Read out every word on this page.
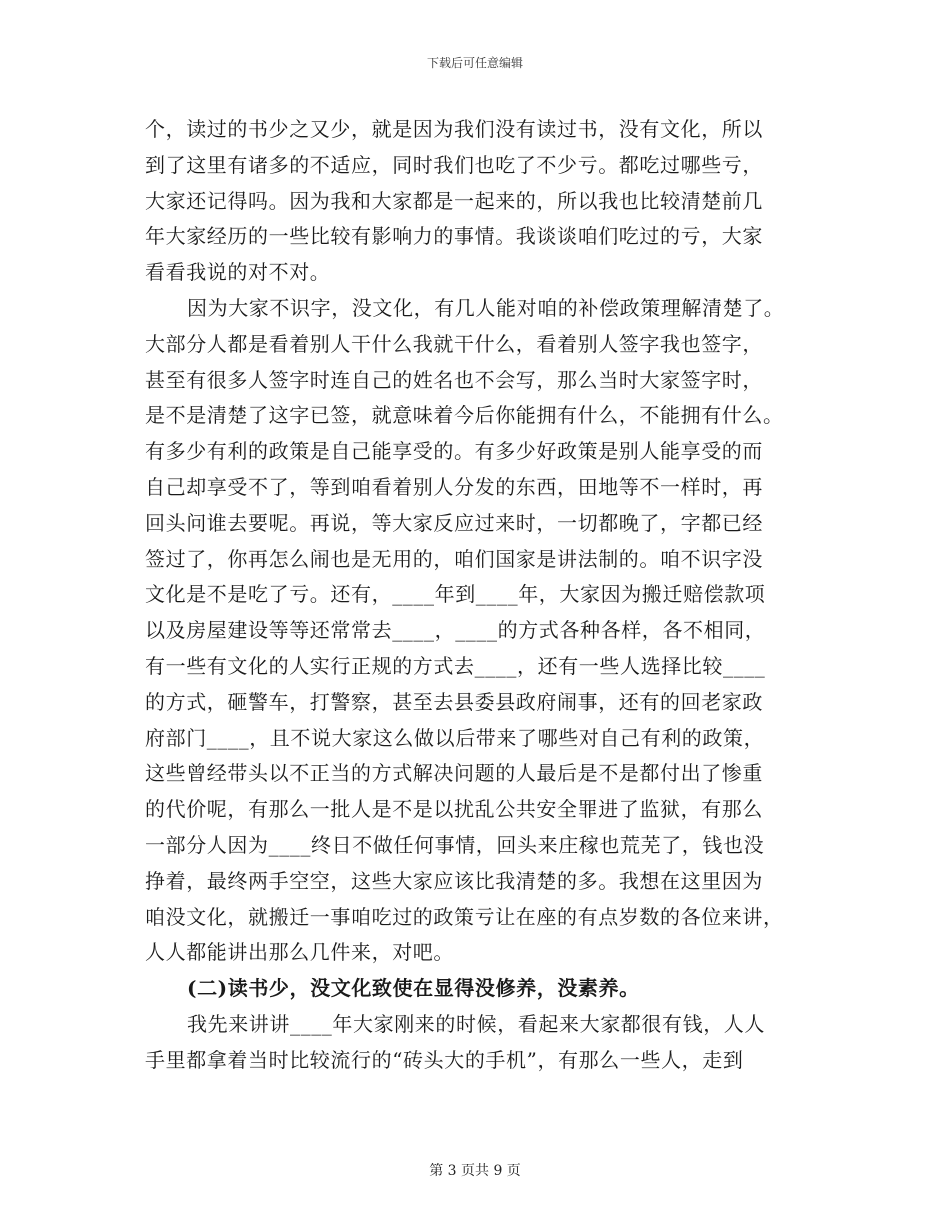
下载后可任意编辑
个，读过的书少之又少，就是因为我们没有读过书，没有文化，所以
到了这里有诸多的不适应，同时我们也吃了不少亏。都吃过哪些亏，
大家还记得吗。因为我和大家都是一起来的，所以我也比较清楚前几
年大家经历的一些比较有影响力的事情。我谈谈咱们吃过的亏，大家
看看我说的对不对。
因为大家不识字，没文化，有几人能对咱的补偿政策理解清楚了。
大部分人都是看着别人干什么我就干什么，看着别人签字我也签字，
甚至有很多人签字时连自己的姓名也不会写，那么当时大家签字时，
是不是清楚了这字已签，就意味着今后你能拥有什么，不能拥有什么。
有多少有利的政策是自己能享受的。有多少好政策是别人能享受的而
自己却享受不了，等到咱看着别人分发的东西，田地等不一样时，再
回头问谁去要呢。再说，等大家反应过来时，一切都晚了，字都已经
签过了，你再怎么闹也是无用的，咱们国家是讲法制的。咱不识字没
文化是不是吃了亏。还有，____年到____年，大家因为搬迁赔偿款项
以及房屋建设等等还常常去____，____的方式各种各样，各不相同，
有一些有文化的人实行正规的方式去____，还有一些人选择比较____
的方式，砸警车，打警察，甚至去县委县政府闹事，还有的回老家政
府部门____，且不说大家这么做以后带来了哪些对自己有利的政策，
这些曾经带头以不正当的方式解决问题的人最后是不是都付出了惨重
的代价呢，有那么一批人是不是以扰乱公共安全罪进了监狱，有那么
一部分人因为____终日不做任何事情，回头来庄稼也荒芜了，钱也没
挣着，最终两手空空，这些大家应该比我清楚的多。我想在这里因为
咱没文化，就搬迁一事咱吃过的政策亏让在座的有点岁数的各位来讲，
人人都能讲出那么几件来，对吧。
(二)读书少，没文化致使在显得没修养，没素养。
我先来讲讲____年大家刚来的时候，看起来大家都很有钱，人人
手里都拿着当时比较流行的“砖头大的手机”，有那么一些人，走到
第 3 页共 9 页
